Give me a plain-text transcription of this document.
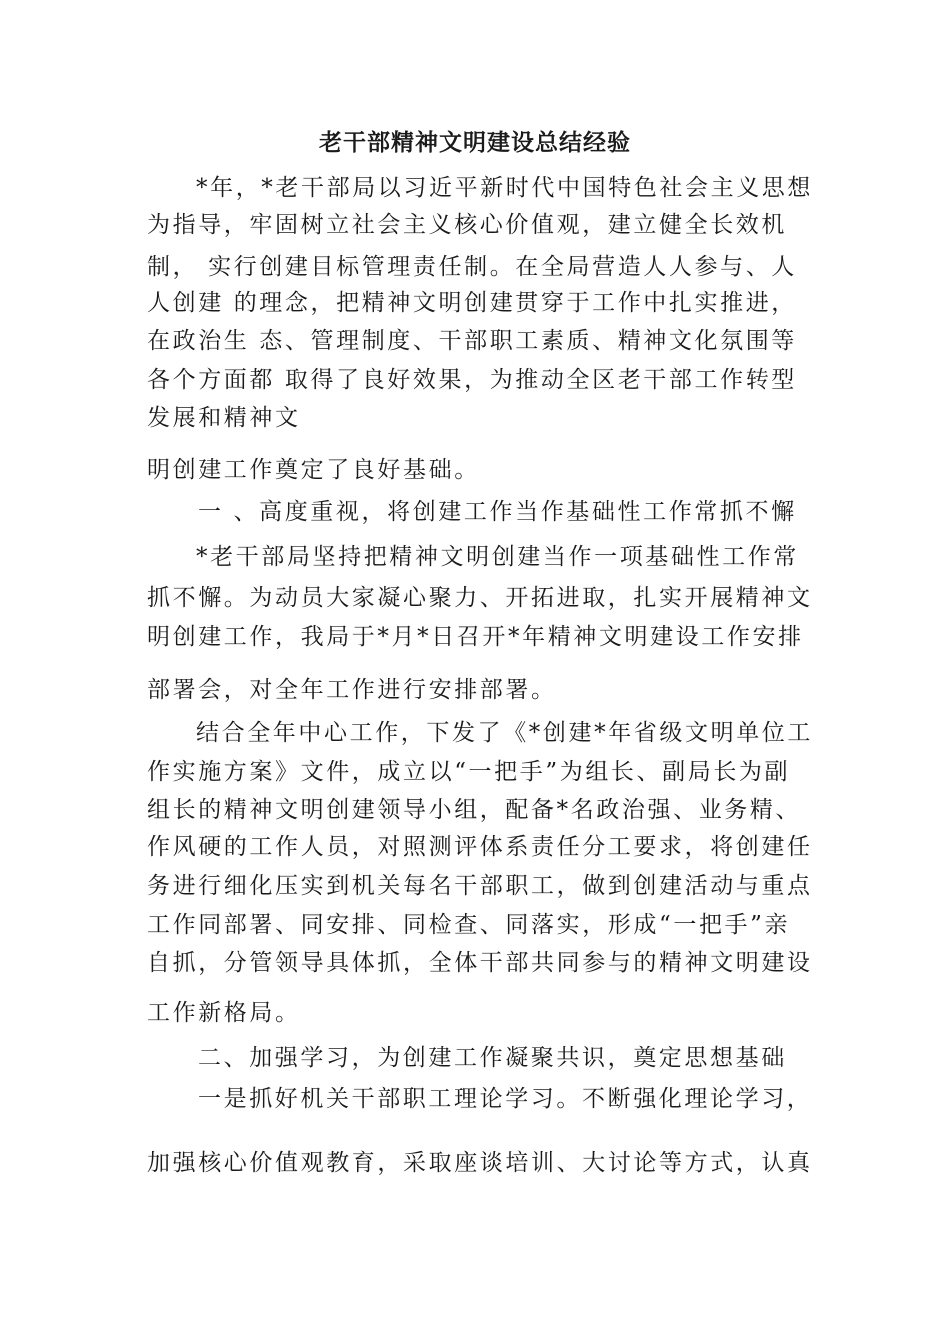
老干部精神文明建设总结经验
*年，*老干部局以习近平新时代中国特色社会主义思想
为指导，牢固树立社会主义核心价值观，建立健全长效机
制， 实行创建目标管理责任制。在全局营造人人参与、人
人创建 的理念，把精神文明创建贯穿于工作中扎实推进，
在政治生 态、管理制度、干部职工素质、精神文化氛围等
各个方面都 取得了良好效果，为推动全区老干部工作转型
发展和精神文
明创建工作奠定了良好基础。
一 、高度重视，将创建工作当作基础性工作常抓不懈
*老干部局坚持把精神文明创建当作一项基础性工作常
抓不懈。为动员大家凝心聚力、开拓进取，扎实开展精神文
明创建工作，我局于*月*日召开*年精神文明建设工作安排
部署会，对全年工作进行安排部署。
结合全年中心工作，下发了《*创建*年省级文明单位工
作实施方案》文件，成立以“一把手”为组长、副局长为副
组长的精神文明创建领导小组，配备*名政治强、业务精、
作风硬的工作人员，对照测评体系责任分工要求，将创建任
务进行细化压实到机关每名干部职工，做到创建活动与重点
工作同部署、同安排、同检查、同落实，形成“一把手”亲
自抓，分管领导具体抓，全体干部共同参与的精神文明建设
工作新格局。
二、加强学习，为创建工作凝聚共识，奠定思想基础
一是抓好机关干部职工理论学习。不断强化理论学习，
加强核心价值观教育，采取座谈培训、大讨论等方式，认真
